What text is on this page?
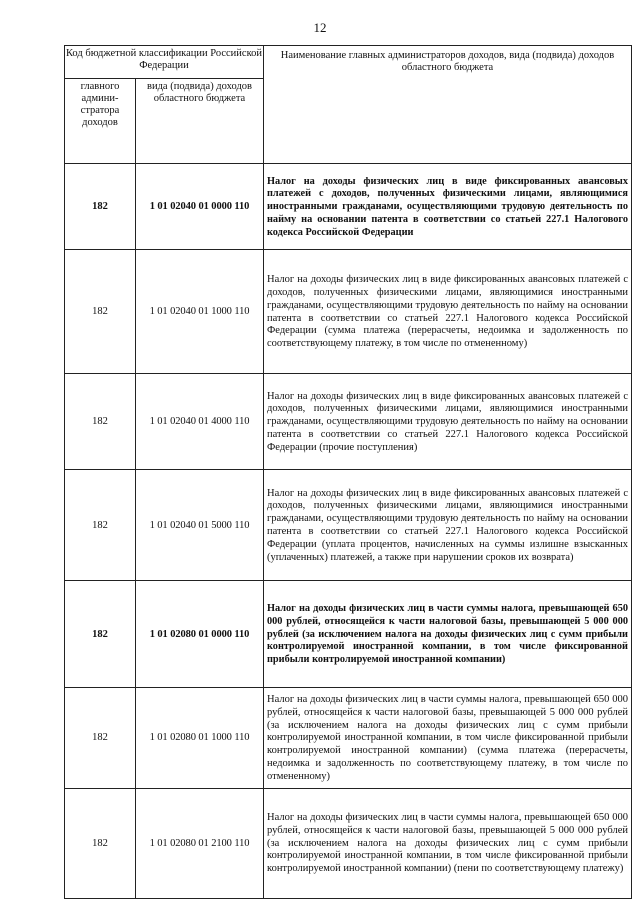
12
Код бюджетной классификации Российской Федерации		Наименование главных администраторов доходов, вида (подвида) доходов областного бюджета
главного админи-стратора доходов	вида (подвида) доходов областного бюджета	
182	1 01 02040 01 0000 110	Налог на доходы физических лиц в виде фиксированных авансовых платежей с доходов, полученных физическими лицами, являющимися иностранными гражданами, осуществляющими трудовую деятельность по найму на основании патента в соответствии со статьей 227.1 Налогового кодекса Российской Федерации
182	1 01 02040 01 1000 110	Налог на доходы физических лиц в виде фиксированных авансовых платежей с доходов, полученных физическими лицами, являющимися иностранными гражданами, осуществляющими трудовую деятельность по найму на основании патента в соответствии со статьей 227.1 Налогового кодекса Российской Федерации (сумма платежа (перерасчеты, недоимка и задолженность по соответствующему платежу, в том числе по отмененному)
182	1 01 02040 01 4000 110	Налог на доходы физических лиц в виде фиксированных авансовых платежей с доходов, полученных физическими лицами, являющимися иностранными гражданами, осуществляющими трудовую деятельность по найму на основании патента в соответствии со статьей 227.1 Налогового кодекса Российской Федерации (прочие поступления)
182	1 01 02040 01 5000 110	Налог на доходы физических лиц в виде фиксированных авансовых платежей с доходов, полученных физическими лицами, являющимися иностранными гражданами, осуществляющими трудовую деятельность по найму на основании патента в соответствии со статьей 227.1 Налогового кодекса Российской Федерации (уплата процентов, начисленных на суммы излишне взысканных (уплаченных) платежей, а также при нарушении сроков их возврата)
182	1 01 02080 01 0000 110	Налог на доходы физических лиц в части суммы налога, превышающей 650 000 рублей, относящейся к части налоговой базы, превышающей 5 000 000 рублей (за исключением налога на доходы физических лиц с сумм прибыли контролируемой иностранной компании, в том числе фиксированной прибыли контролируемой иностранной компании)
182	1 01 02080 01 1000 110	Налог на доходы физических лиц в части суммы налога, превышающей 650 000 рублей, относящейся к части налоговой базы, превышающей 5 000 000 рублей (за исключением налога на доходы физических лиц с сумм прибыли контролируемой иностранной компании, в том числе фиксированной прибыли контролируемой иностранной компании) (сумма платежа (перерасчеты, недоимка и задолженность по соответствующему платежу, в том числе по отмененному)
182	1 01 02080 01 2100 110	Налог на доходы физических лиц в части суммы налога, превышающей 650 000 рублей, относящейся к части налоговой базы, превышающей 5 000 000 рублей (за исключением налога на доходы физических лиц с сумм прибыли контролируемой иностранной компании, в том числе фиксированной прибыли контролируемой иностранной компании) (пени по соответствующему платежу)
